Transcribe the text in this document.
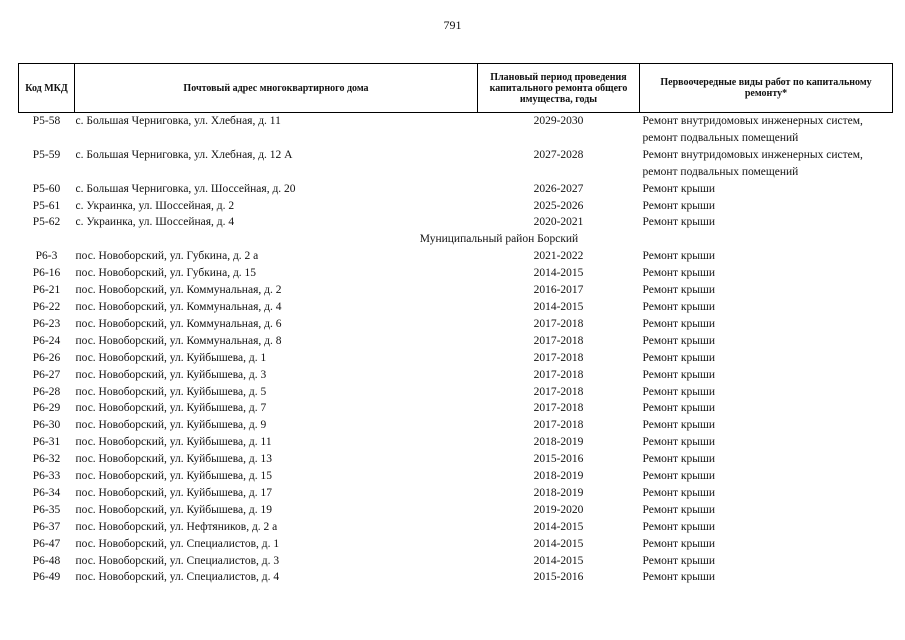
791
Код МКД	Почтовый адрес многоквартирного дома	Плановый период проведения капитального ремонта общего имущества, годы	Первоочередные виды работ по капитальному ремонту*
Р5-58	с. Большая Черниговка, ул. Хлебная, д. 11	2029-2030	Ремонт внутридомовых инженерных систем, ремонт подвальных помещений
Р5-59	с. Большая Черниговка, ул. Хлебная, д. 12 А	2027-2028	Ремонт внутридомовых инженерных систем, ремонт подвальных помещений
Р5-60	с. Большая Черниговка, ул. Шоссейная, д. 20	2026-2027	Ремонт крыши
Р5-61	с. Украинка, ул. Шоссейная, д. 2	2025-2026	Ремонт крыши
Р5-62	с. Украинка, ул. Шоссейная, д. 4	2020-2021	Ремонт крыши
Муниципальный район Борский			
Р6-3	пос. Новоборский, ул. Губкина, д. 2 а	2021-2022	Ремонт крыши
Р6-16	пос. Новоборский, ул. Губкина, д. 15	2014-2015	Ремонт крыши
Р6-21	пос. Новоборский, ул. Коммунальная, д. 2	2016-2017	Ремонт крыши
Р6-22	пос. Новоборский, ул. Коммунальная, д. 4	2014-2015	Ремонт крыши
Р6-23	пос. Новоборский, ул. Коммунальная, д. 6	2017-2018	Ремонт крыши
Р6-24	пос. Новоборский, ул. Коммунальная, д. 8	2017-2018	Ремонт крыши
Р6-26	пос. Новоборский, ул. Куйбышева, д. 1	2017-2018	Ремонт крыши
Р6-27	пос. Новоборский, ул. Куйбышева, д. 3	2017-2018	Ремонт крыши
Р6-28	пос. Новоборский, ул. Куйбышева, д. 5	2017-2018	Ремонт крыши
Р6-29	пос. Новоборский, ул. Куйбышева, д. 7	2017-2018	Ремонт крыши
Р6-30	пос. Новоборский, ул. Куйбышева, д. 9	2017-2018	Ремонт крыши
Р6-31	пос. Новоборский, ул. Куйбышева, д. 11	2018-2019	Ремонт крыши
Р6-32	пос. Новоборский, ул. Куйбышева, д. 13	2015-2016	Ремонт крыши
Р6-33	пос. Новоборский, ул. Куйбышева, д. 15	2018-2019	Ремонт крыши
Р6-34	пос. Новоборский, ул. Куйбышева, д. 17	2018-2019	Ремонт крыши
Р6-35	пос. Новоборский, ул. Куйбышева, д. 19	2019-2020	Ремонт крыши
Р6-37	пос. Новоборский, ул. Нефтяников, д. 2 а	2014-2015	Ремонт крыши
Р6-47	пос. Новоборский, ул. Специалистов, д. 1	2014-2015	Ремонт крыши
Р6-48	пос. Новоборский, ул. Специалистов, д. 3	2014-2015	Ремонт крыши
Р6-49	пос. Новоборский, ул. Специалистов, д. 4	2015-2016	Ремонт крыши
